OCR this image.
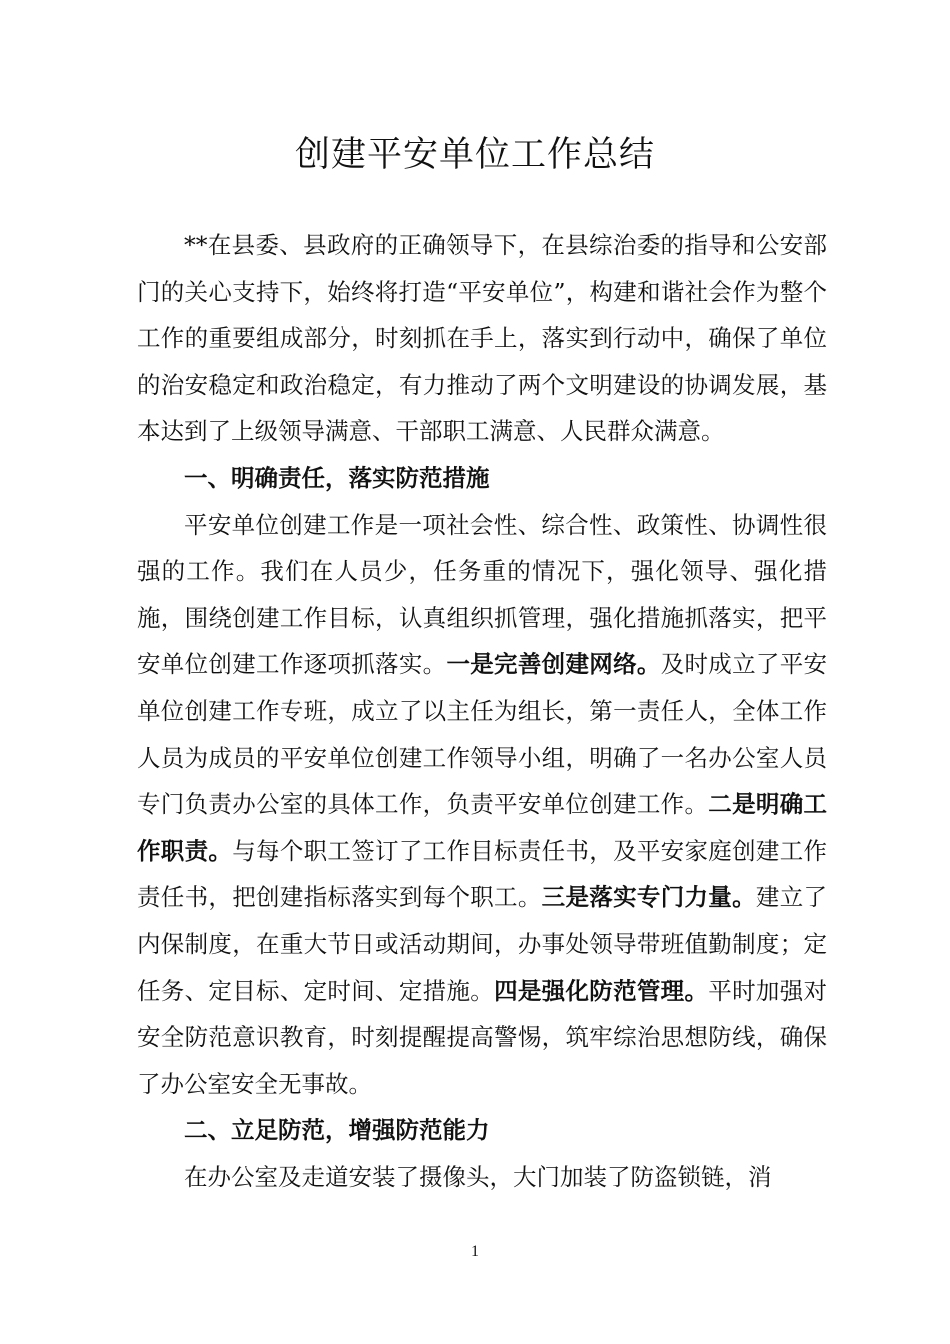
创建平安单位工作总结

**在县委、县政府的正确领导下，在县综治委的指导和公安部门的关心支持下，始终将打造“平安单位”，构建和谐社会作为整个工作的重要组成部分，时刻抓在手上，落实到行动中，确保了单位的治安稳定和政治稳定，有力推动了两个文明建设的协调发展，基本达到了上级领导满意、干部职工满意、人民群众满意。

一、明确责任，落实防范措施

平安单位创建工作是一项社会性、综合性、政策性、协调性很强的工作。我们在人员少，任务重的情况下，强化领导、强化措施，围绕创建工作目标，认真组织抓管理，强化措施抓落实，把平安单位创建工作逐项抓落实。一是完善创建网络。及时成立了平安单位创建工作专班，成立了以主任为组长，第一责任人，全体工作人员为成员的平安单位创建工作领导小组，明确了一名办公室人员专门负责办公室的具体工作，负责平安单位创建工作。二是明确工作职责。与每个职工签订了工作目标责任书，及平安家庭创建工作责任书，把创建指标落实到每个职工。三是落实专门力量。建立了内保制度，在重大节日或活动期间，办事处领导带班值勤制度；定任务、定目标、定时间、定措施。四是强化防范管理。平时加强对安全防范意识教育，时刻提醒提高警惕，筑牢综治思想防线，确保了办公室安全无事故。

二、立足防范，增强防范能力

在办公室及走道安装了摄像头，大门加装了防盗锁链，消

1
